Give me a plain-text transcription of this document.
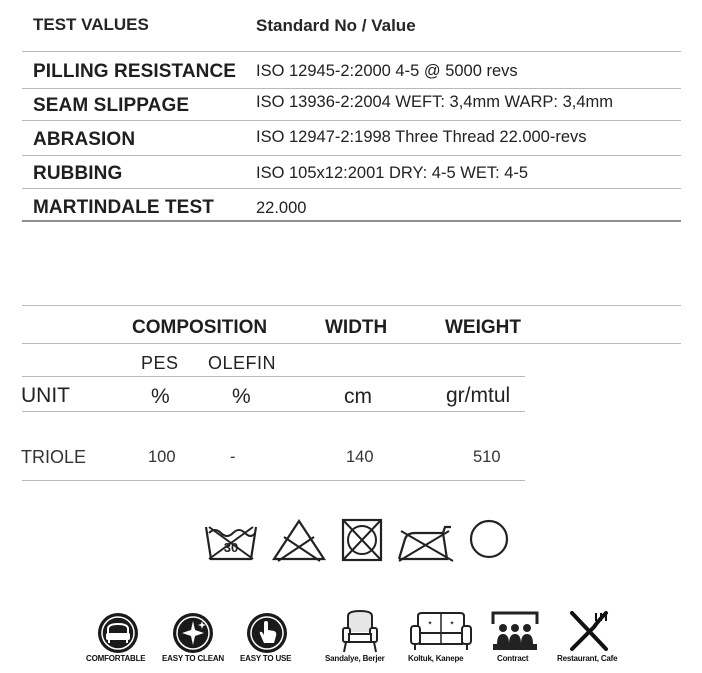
TEST VALUES	Standard No / Value
PILLING RESISTANCE ISO 12945-2:2000 4-5 @ 5000 revs
SEAM SLIPPAGE	ISO 13936-2:2004 WEFT: 3,4mm WARP: 3,4mm
ABRASION	ISO 12947-2:1998 Three Thread 22.000-revs
RUBBING	ISO 105x12:2001 DRY: 4-5 WET: 4-5
MARTINDALE TEST	22.000
COMPOSITION	WIDTH	WEIGHT
PES OLEFIN
UNIT	%	%	cm	gr/mtul
TRIOLE	100	-	140	510
30
COMFORTABLE EASY TO CLEAN EASY TO USE	Sandalye, Berjer
✦	✦
Koltuk, Kanepe	Contract	Restaurant, Cafe
